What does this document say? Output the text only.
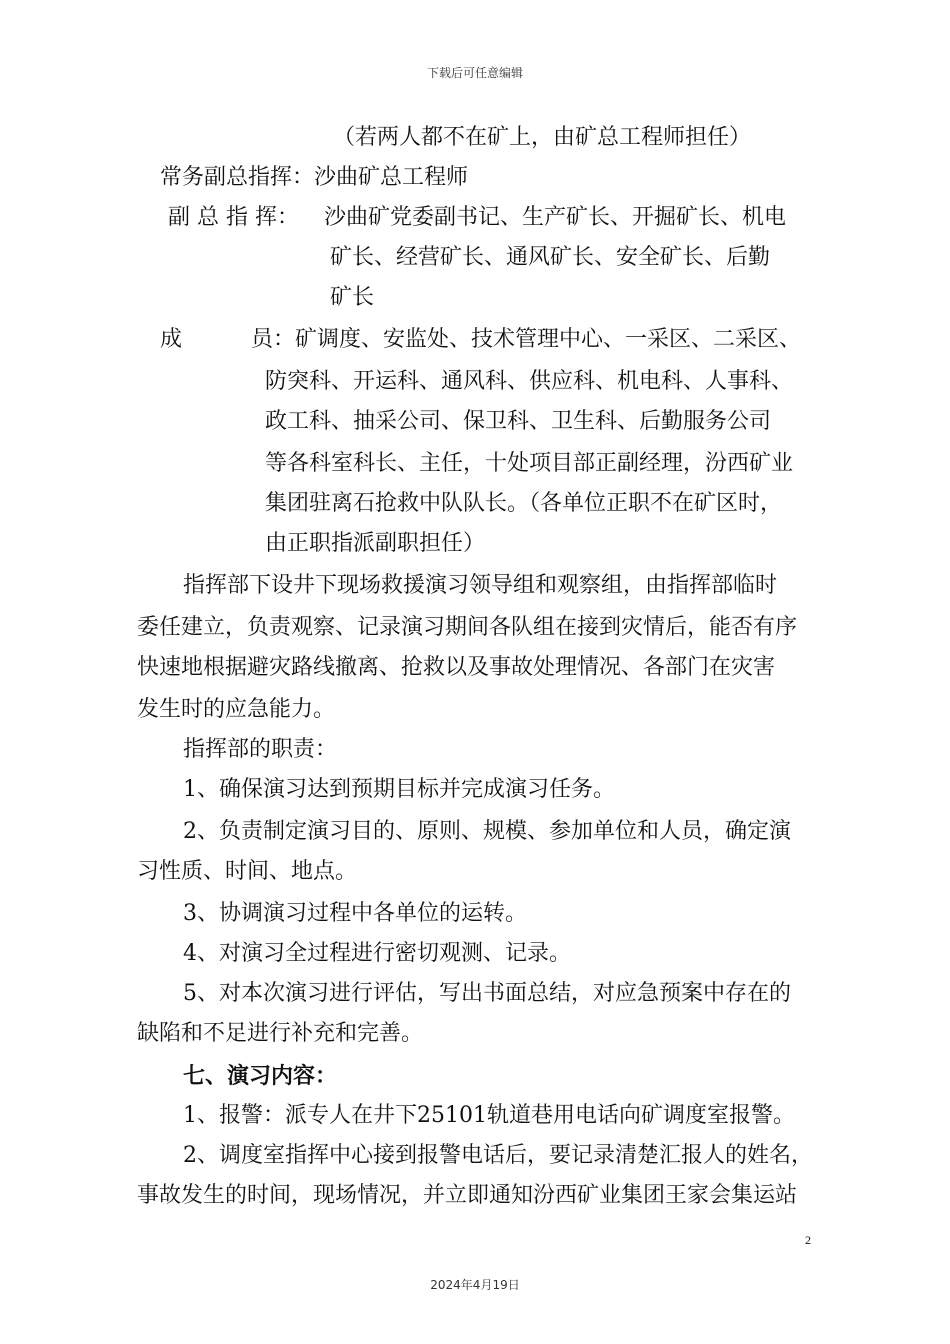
下载后可任意编辑
（若两人都不在矿上，由矿总工程师担任）
常务副总指挥：沙曲矿总工程师
副 总 指 挥： 沙曲矿党委副书记、生产矿长、开掘矿长、机电
矿长、经营矿长、通风矿长、安全矿长、后勤
矿长
成	员：矿调度、安监处、技术管理中心、一采区、二采区、
防突科、开运科、通风科、供应科、机电科、人事科、
政工科、抽采公司、保卫科、卫生科、后勤服务公司
等各科室科长、主任，十处项目部正副经理，汾西矿业
集团驻离石抢救中队队长。（各单位正职不在矿区时，
由正职指派副职担任）
指挥部下设井下现场救援演习领导组和观察组，由指挥部临时
委任建立，负责观察、记录演习期间各队组在接到灾情后，能否有序
快速地根据避灾路线撤离、抢救以及事故处理情况、各部门在灾害
发生时的应急能力。
指挥部的职责：
1、确保演习达到预期目标并完成演习任务。
2、负责制定演习目的、原则、规模、参加单位和人员，确定演
习性质、时间、地点。
3、协调演习过程中各单位的运转。
4、对演习全过程进行密切观测、记录。
5、对本次演习进行评估，写出书面总结，对应急预案中存在的
缺陷和不足进行补充和完善。
七、演习内容：
1、报警：派专人在井下25101轨道巷用电话向矿调度室报警。
2、调度室指挥中心接到报警电话后，要记录清楚汇报人的姓名，
事故发生的时间，现场情况，并立即通知汾西矿业集团王家会集运站
2
2024年4月19日
